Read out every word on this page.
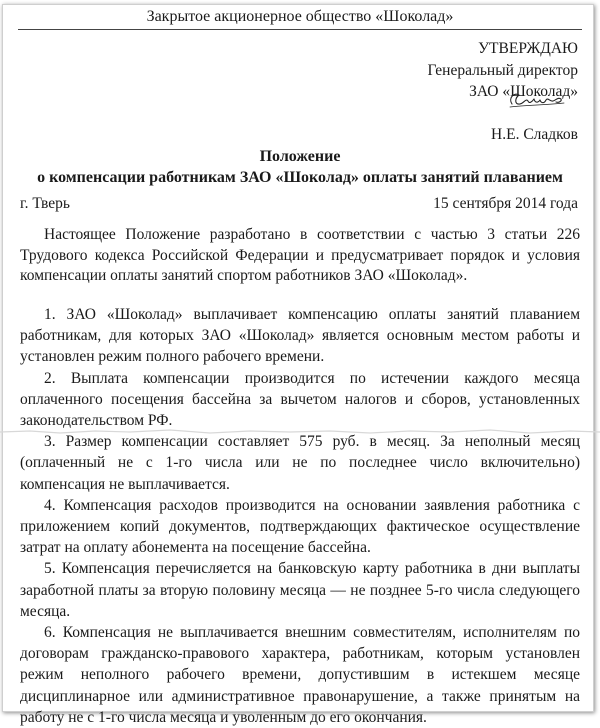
Закрытое акционерное общество «Шоколад»
УТВЕРЖДАЮ
Генеральный директор
ЗАО «Шоколад»
Н.Е. Сладков
Положение
о компенсации работникам ЗАО «Шоколад» оплаты занятий плаванием
г. Тверь	15 сентября 2014 года
Настоящее Положение разработано в соответствии с частью 3 статьи 226 Трудового кодекса Российской Федерации и предусматривает порядок и условия компенсации оплаты занятий спортом работников ЗАО «Шоколад».

1. ЗАО «Шоколад» выплачивает компенсацию оплаты занятий плаванием работникам, для которых ЗАО «Шоколад» является основным местом работы и установлен режим полного рабочего времени.

2. Выплата компенсации производится по истечении каждого месяца оплаченного посещения бассейна за вычетом налогов и сборов, установленных законодательством РФ.

3. Размер компенсации составляет 575 руб. в месяц. За неполный месяц (оплаченный не с 1-го числа или не по последнее число включительно) компенсация не выплачивается.

4. Компенсация расходов производится на основании заявления работника с приложением копий документов, подтверждающих фактическое осуществление затрат на оплату абонемента на посещение бассейна.

5. Компенсация перечисляется на банковскую карту работника в дни выплаты заработной платы за вторую половину месяца — не позднее 5-го числа следующего месяца.

6. Компенсация не выплачивается внешним совместителям, исполнителям по договорам гражданско-правового характера, работникам, которым установлен режим неполного рабочего времени, допустившим в истекшем месяце дисциплинарное или административное правонарушение, а также принятым на работу не с 1-го числа месяца и уволенным до его окончания.
